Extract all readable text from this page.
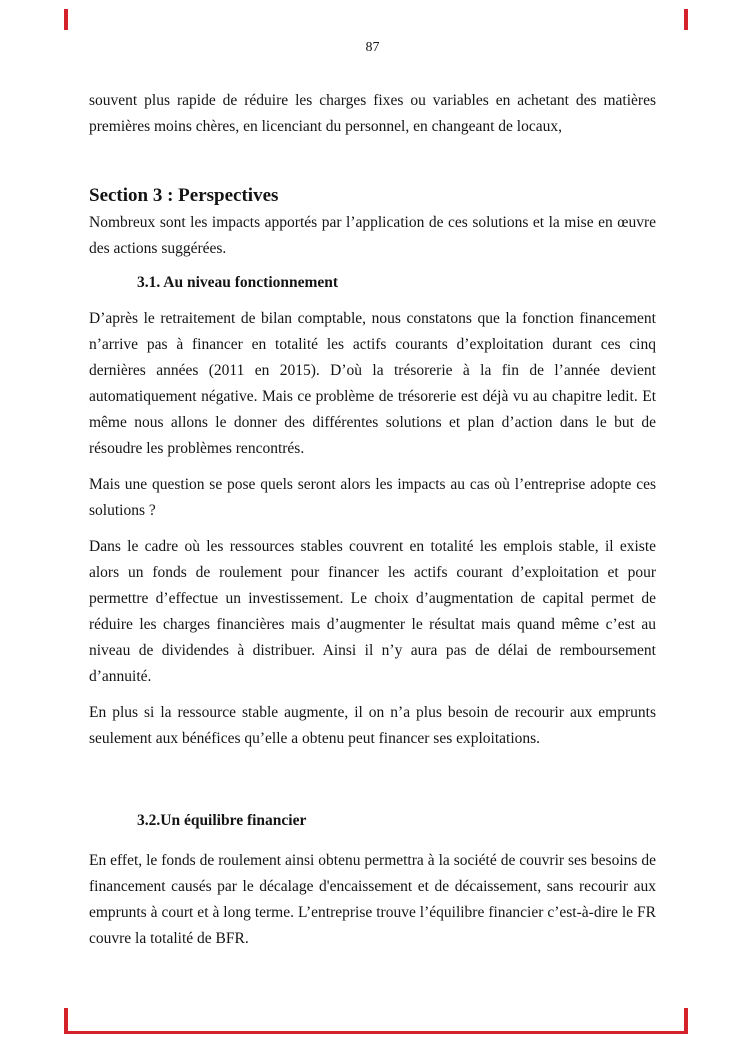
87

souvent plus rapide de réduire les charges fixes ou variables en achetant des matières premières moins chères, en licenciant du personnel, en changeant de locaux,

Section 3 : Perspectives

Nombreux sont les impacts apportés par l’application de ces solutions et la mise en œuvre des actions suggérées.

3.1. Au niveau fonctionnement

D’après le retraitement de bilan comptable, nous constatons que la fonction financement n’arrive pas à financer en totalité les actifs courants d’exploitation durant ces cinq dernières années (2011 en 2015). D’où la trésorerie à la fin de l’année devient automatiquement négative. Mais ce problème de trésorerie est déjà vu au chapitre ledit. Et même nous allons le donner des différentes solutions et plan d’action dans le but de résoudre les problèmes rencontrés.

Mais une question se pose quels seront alors les impacts au cas où l’entreprise adopte ces solutions ?

Dans le cadre où les ressources stables couvrent en totalité les emplois stable, il existe alors un fonds de roulement pour financer les actifs courant d’exploitation et pour permettre d’effectue un investissement. Le choix d’augmentation de capital permet de réduire les charges financières mais d’augmenter le résultat mais quand même c’est au niveau de dividendes à distribuer. Ainsi il n’y aura pas de délai de remboursement d’annuité.

En plus si la ressource stable augmente, il on n’a plus besoin de recourir aux emprunts seulement aux bénéfices qu’elle a obtenu peut financer ses exploitations.

3.2.Un équilibre financier

En effet, le fonds de roulement ainsi obtenu permettra à la société de couvrir ses besoins de financement causés par le décalage d'encaissement et de décaissement, sans recourir aux emprunts à court et à long terme. L’entreprise trouve l’équilibre financier c’est-à-dire le FR couvre la totalité de BFR.
